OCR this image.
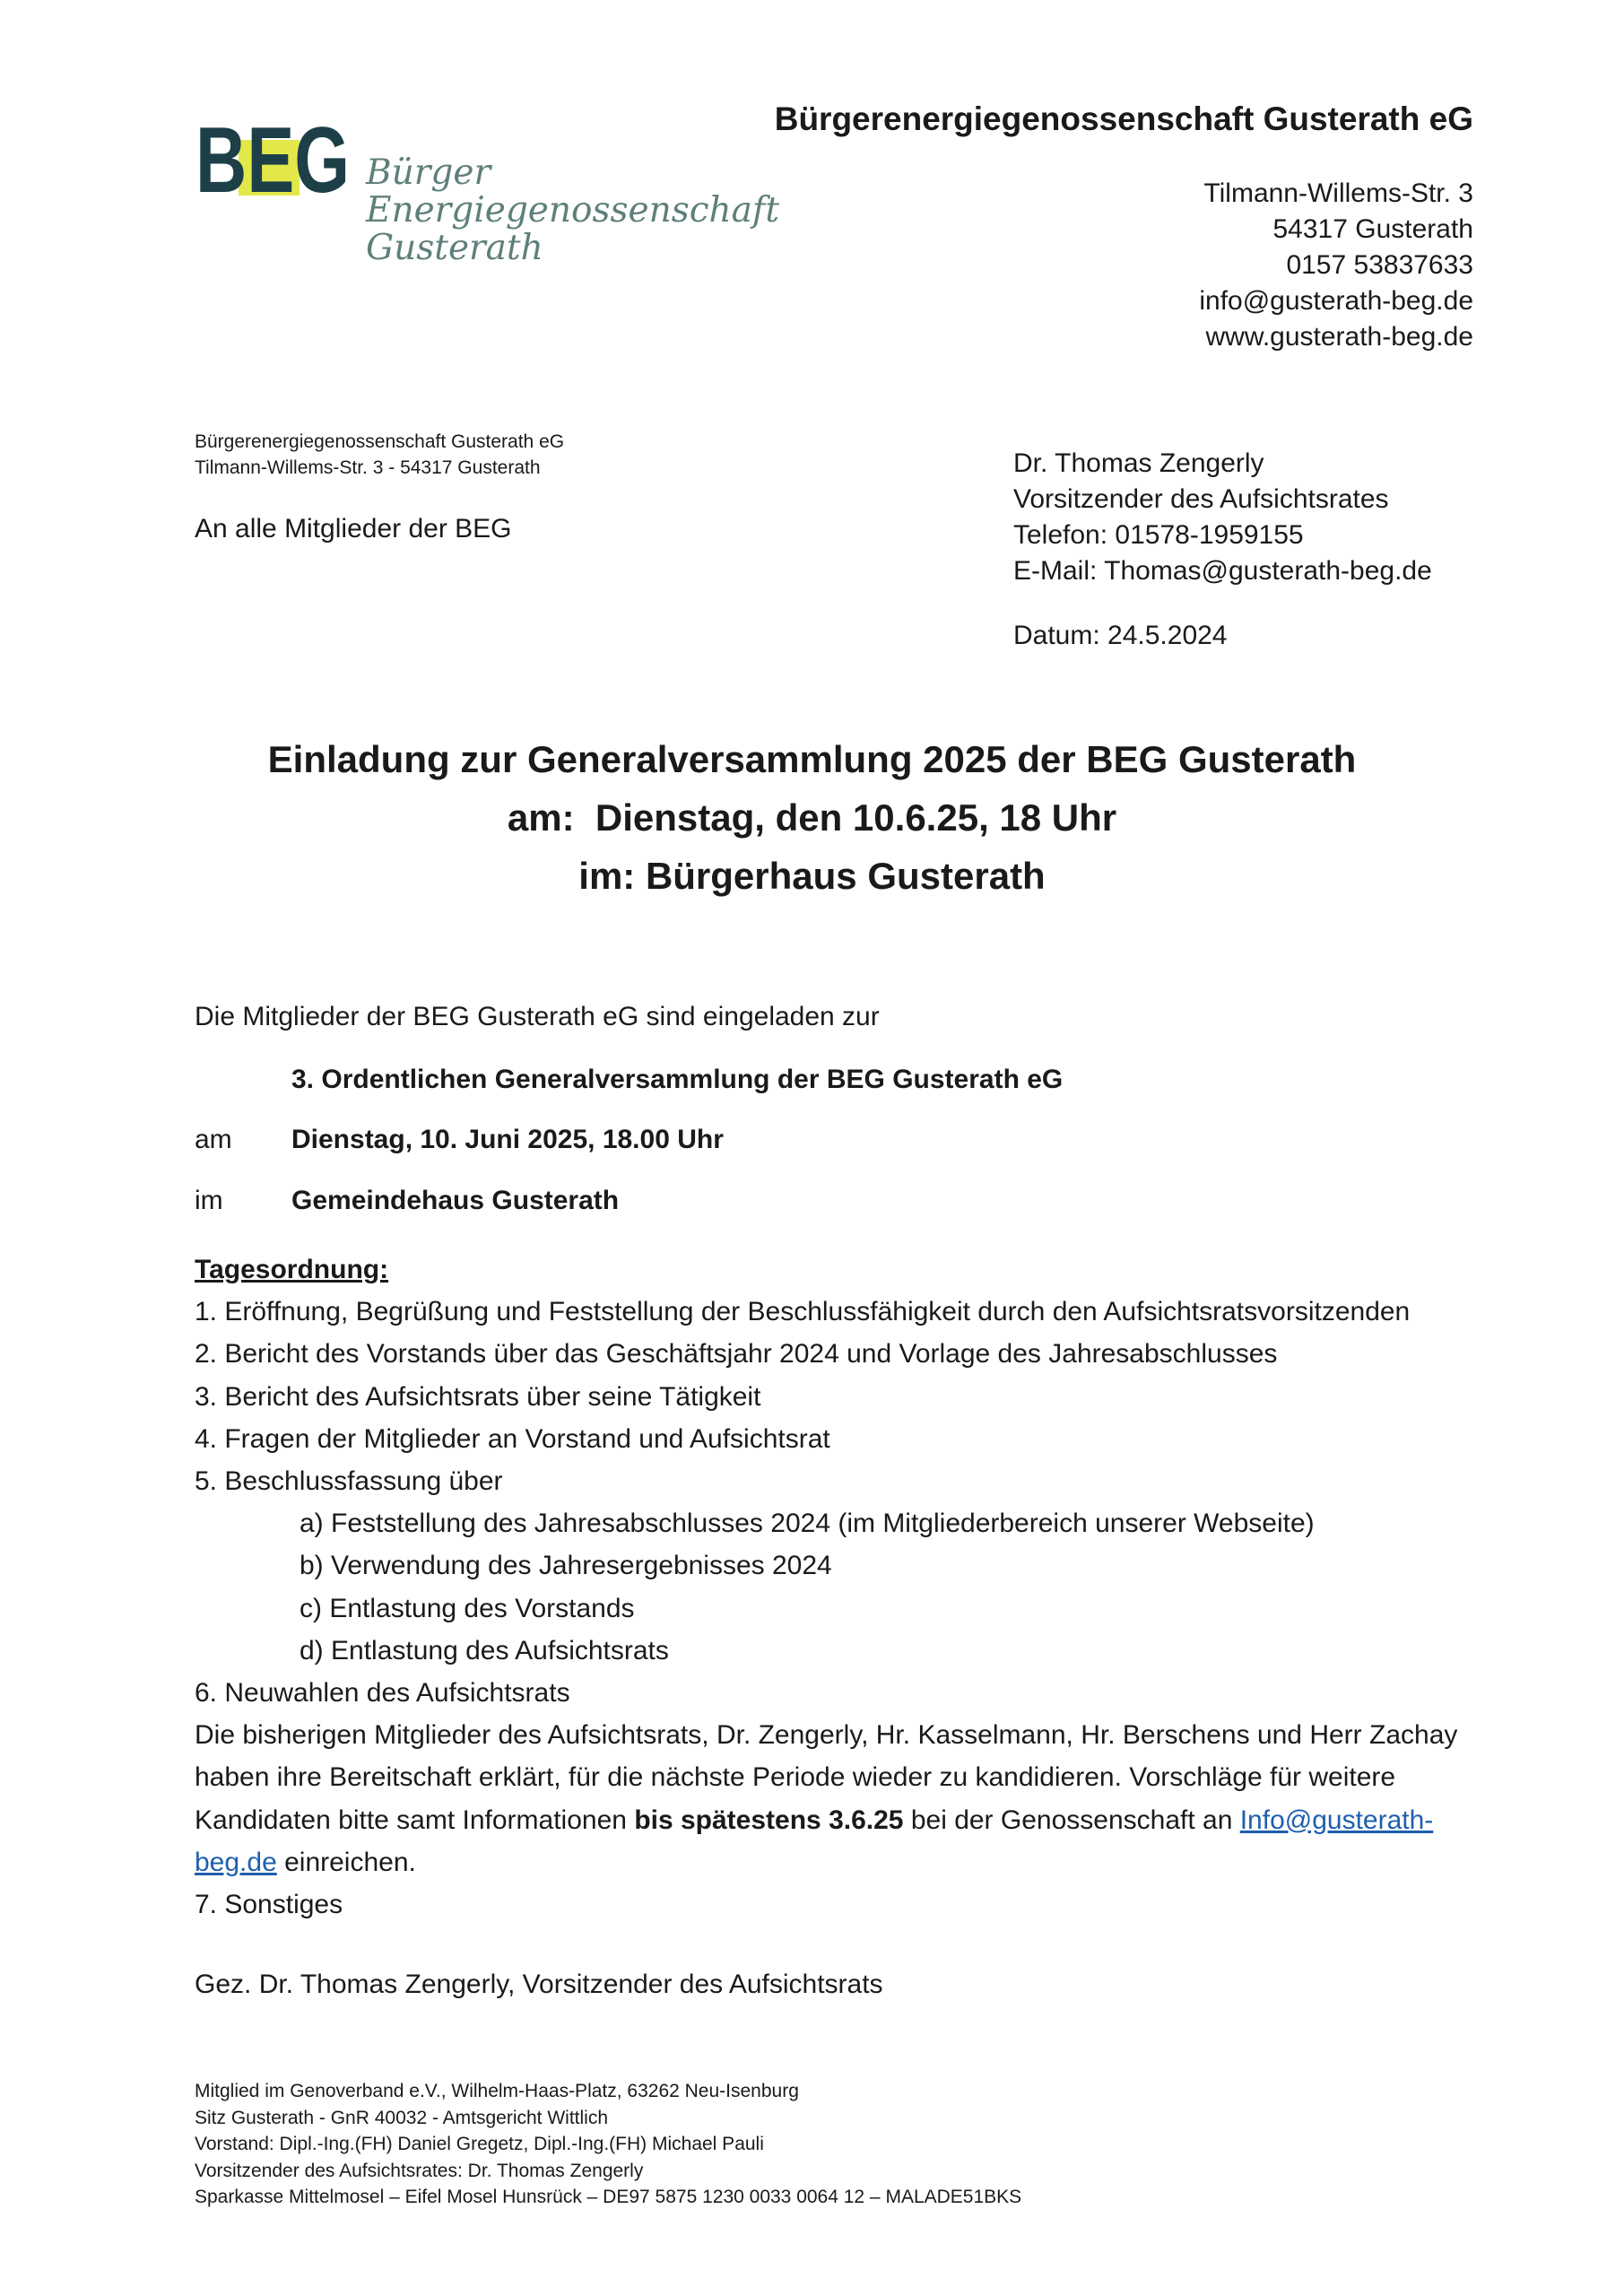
BEG Bürger
Energiegenossenschaft
Gusterath
Bürgerenergiegenossenschaft Gusterath eG
Tilmann-Willems-Str. 3
54317 Gusterath
0157 53837633
info@gusterath-beg.de
www.gusterath-beg.de
Bürgerenergiegenossenschaft Gusterath eG
Tilmann-Willems-Str. 3 - 54317 Gusterath
An alle Mitglieder der BEG
Dr. Thomas Zengerly
Vorsitzender des Aufsichtsrates
Telefon: 01578-1959155
E-Mail: Thomas@gusterath-beg.de
Datum: 24.5.2024
Einladung zur Generalversammlung 2025 der BEG Gusterath
am:  Dienstag, den 10.6.25, 18 Uhr
im: Bürgerhaus Gusterath
Die Mitglieder der BEG Gusterath eG sind eingeladen zur
3. Ordentlichen Generalversammlung der BEG Gusterath eG
am Dienstag, 10. Juni 2025, 18.00 Uhr
im	Gemeindehaus Gusterath
Tagesordnung:
1. Eröffnung, Begrüßung und Feststellung der Beschlussfähigkeit durch den Aufsichtsratsvorsitzenden
2. Bericht des Vorstands über das Geschäftsjahr 2024 und Vorlage des Jahresabschlusses
3. Bericht des Aufsichtsrats über seine Tätigkeit
4. Fragen der Mitglieder an Vorstand und Aufsichtsrat
5. Beschlussfassung über
a) Feststellung des Jahresabschlusses 2024 (im Mitgliederbereich unserer Webseite)
b) Verwendung des Jahresergebnisses 2024
c) Entlastung des Vorstands
d) Entlastung des Aufsichtsrats
6. Neuwahlen des Aufsichtsrats
Die bisherigen Mitglieder des Aufsichtsrats, Dr. Zengerly, Hr. Kasselmann, Hr. Berschens und Herr Zachay haben ihre Bereitschaft erklärt, für die nächste Periode wieder zu kandidieren. Vorschläge für weitere Kandidaten bitte samt Informationen bis spätestens 3.6.25 bei der Genossenschaft an Info@gusterath-beg.de einreichen.
7. Sonstiges
Gez. Dr. Thomas Zengerly, Vorsitzender des Aufsichtsrats
Mitglied im Genoverband e.V., Wilhelm-Haas-Platz, 63262 Neu-Isenburg
Sitz Gusterath - GnR 40032 - Amtsgericht Wittlich
Vorstand: Dipl.-Ing.(FH) Daniel Gregetz, Dipl.-Ing.(FH) Michael Pauli
Vorsitzender des Aufsichtsrates: Dr. Thomas Zengerly
Sparkasse Mittelmosel – Eifel Mosel Hunsrück – DE97 5875 1230 0033 0064 12 – MALADE51BKS
